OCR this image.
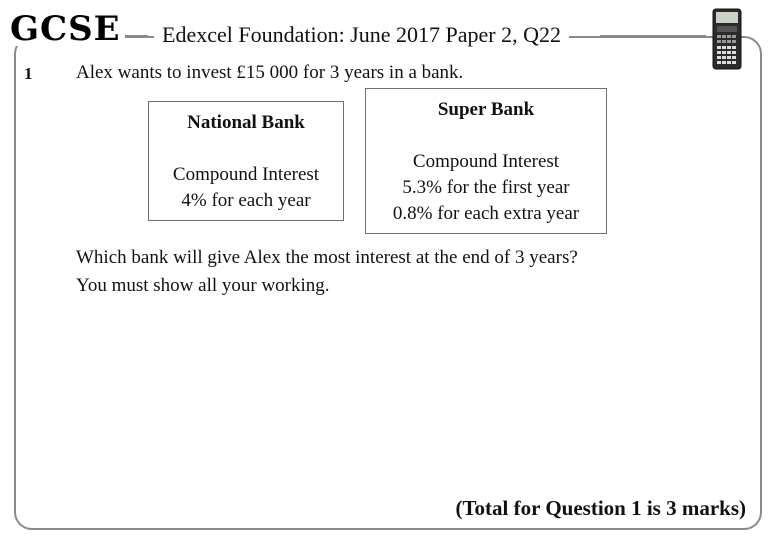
GCSE	Edexcel Foundation: June 2017 Paper 2, Q22
1 Alex wants to invest £15 000 for 3 years in a bank.
National Bank
Compound Interest
4% for each year
Super Bank
Compound Interest
5.3% for the first year
0.8% for each extra year
Which bank will give Alex the most interest at the end of 3 years?
You must show all your working.
(Total for Question 1 is 3 marks)
